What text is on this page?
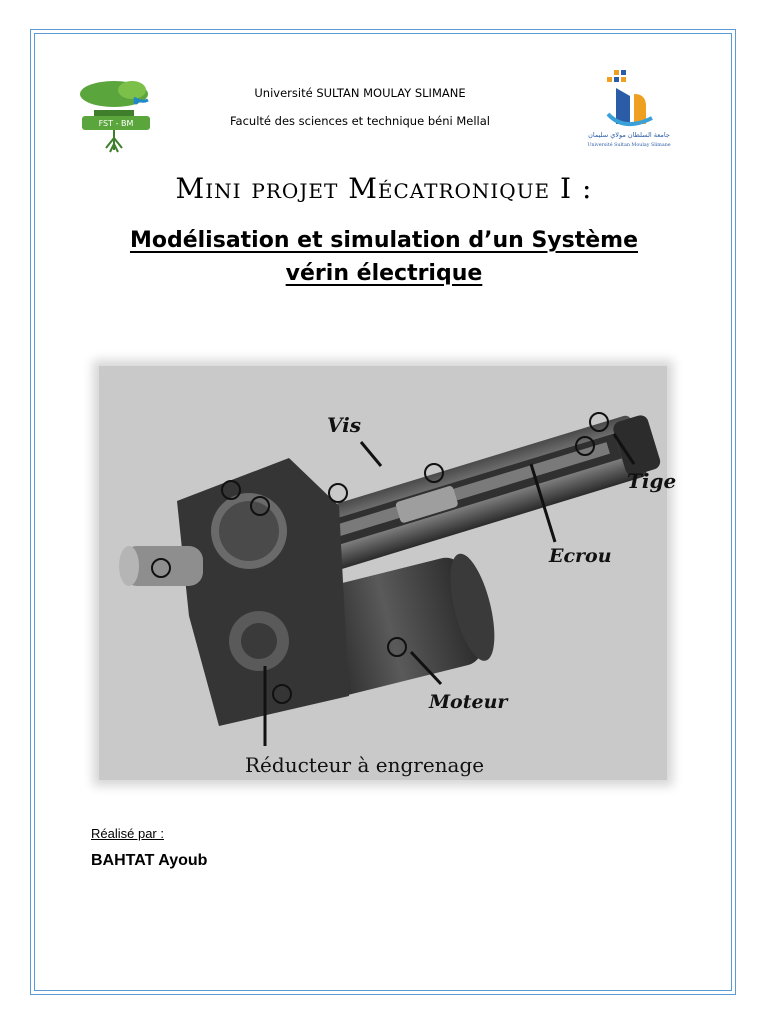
FST - BM
Université SULTAN MOULAY SLIMANE
Faculté des sciences et technique béni Mellal
جامعة السلطان مولاي سليمان
Université Sultan Moulay Slimane
Mini projet Mécatronique I :
Modélisation et simulation d’un Système
vérin électrique
Vis
Tige
Ecrou
Moteur
Réducteur à engrenage
Réalisé par :
BAHTAT Ayoub
